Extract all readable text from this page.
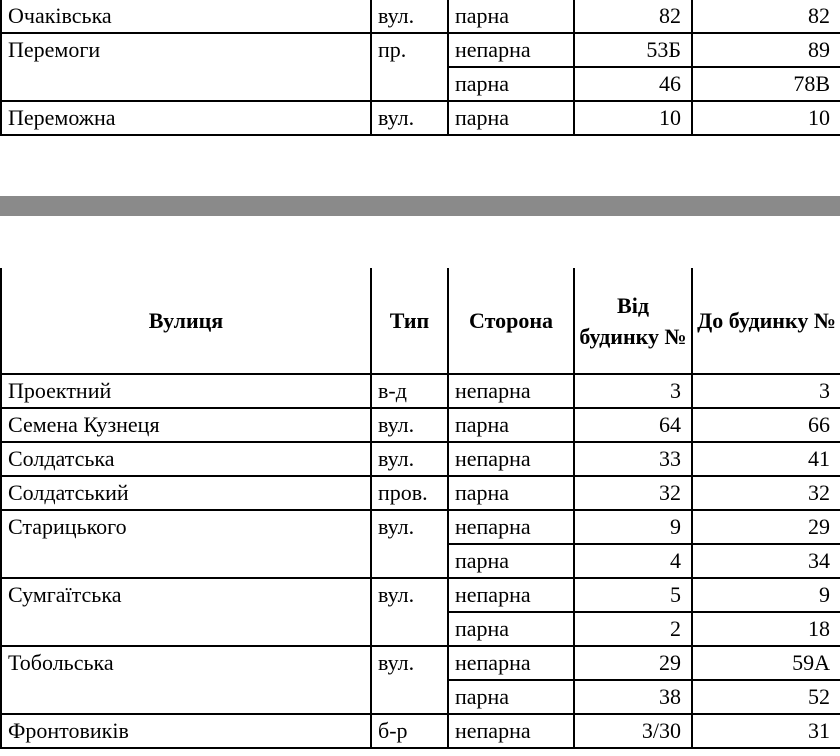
Очаківська	вул.	парна	82	82
Перемоги	пр.	непарна	53Б	89
		парна	46	78В
Переможна	вул.	парна	10	10
Вулиця	Тип	Сторона	Від будинку №	До будинку №
Проектний	в-д	непарна	3	3
Семена Кузнеця	вул.	парна	64	66
Солдатська	вул.	непарна	33	41
Солдатський	пров.	парна	32	32
Старицького	вул.	непарна	9	29
		парна	4	34
Сумгаїтська	вул.	непарна	5	9
		парна	2	18
Тобольська	вул.	непарна	29	59А
		парна	38	52
Фронтовиків	б-р	непарна	3/30	31
